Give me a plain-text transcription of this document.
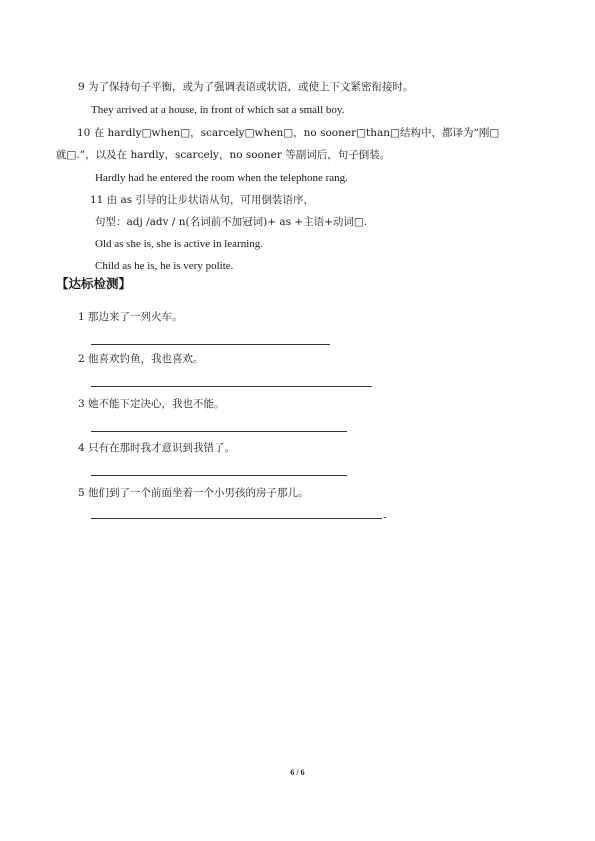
9 为了保持句子平衡，或为了强调表语或状语，或使上下文紧密衔接时。
They arrived at a house, in front of which sat a small boy.
10 在 hardly□when□，scarcely□when□，no sooner□than□结构中，都译为“刚□
就□.”，以及在 hardly，scarcely，no sooner 等副词后，句子倒装。
Hardly had he entered the room when the telephone rang.
11 由 as 引导的让步状语从句，可用倒装语序，
句型：adj /adv / n(名词前不加冠词)+ as +主语+动词□.
Old as she is, she is active in learning.
Child as he is, he is very polite.
【达标检测】
1 那边来了一列火车。
2 他喜欢钓鱼，我也喜欢。
3 她不能下定决心，我也不能。
4 只有在那时我才意识到我错了。
5 他们到了一个前面坐着一个小男孩的房子那儿。
-
6 / 6
